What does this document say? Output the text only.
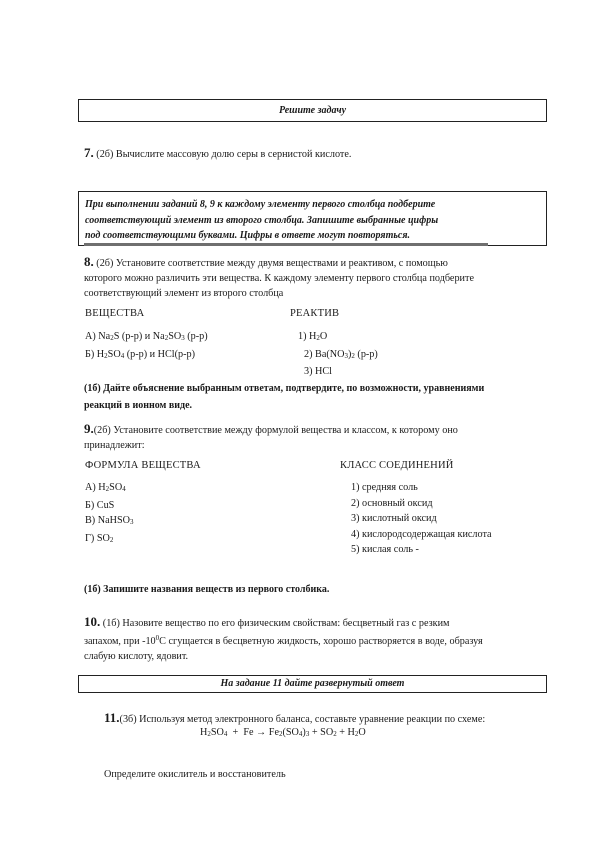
Решите задачу
7. (2б) Вычислите массовую долю серы в сернистой кислоте.
При выполнении заданий 8, 9 к каждому элементу первого столбца подберите
соответствующий элемент из второго столбца. Запишите выбранные цифры
под соответствующими буквами. Цифры в ответе могут повторяться.
8. (2б) Установите соответствие между двумя веществами и реактивом, с помощью
которого можно различить эти вещества. К каждому элементу первого столбца подберите
соответствующий элемент из второго столбца
ВЕЩЕСТВА	РЕАКТИВ
А) $Na_2S$ (р-р) и $Na_2SO_3$ (р-р)
Б) $H_2SO_4$ (р-р) и HCl(р-р)
1) $H_2O$
2) $Ba(NO_3)_2$ (р-р)
3) HCl
(1б) Дайте объяснение выбранным ответам, подтвердите, по возможности, уравнениями
реакций в ионном виде.
9.(2б) Установите соответствие между формулой вещества и классом, к которому оно
принадлежит:
ФОРМУЛА ВЕЩЕСТВА	КЛАСС СОЕДИНЕНИЙ
А) $H_2SO_4$
Б) CuS
В) NaHSO$_3$
Г) $SO_2$
1) средняя соль
2) основный оксид
3) кислотный оксид
4) кислородсодержащая кислота
5) кислая соль -
(1б) Запишите названия веществ из первого столбика.
10. (1б) Назовите вещество по его физическим свойствам: бесцветный газ с резким
запахом, при $-10^0С$ сгущается в бесцветную жидкость, хорошо растворяется в воде, образуя
слабую кислоту, ядовит.
На задание 11 дайте развернутый ответ
11.(3б) Используя метод электронного баланса, составьте уравнение реакции по схеме:
$H_2SO_4 + Fe \to Fe_2(SO_4)_3 + SO_2 + H_2O$
Определите окислитель и восстановитель
